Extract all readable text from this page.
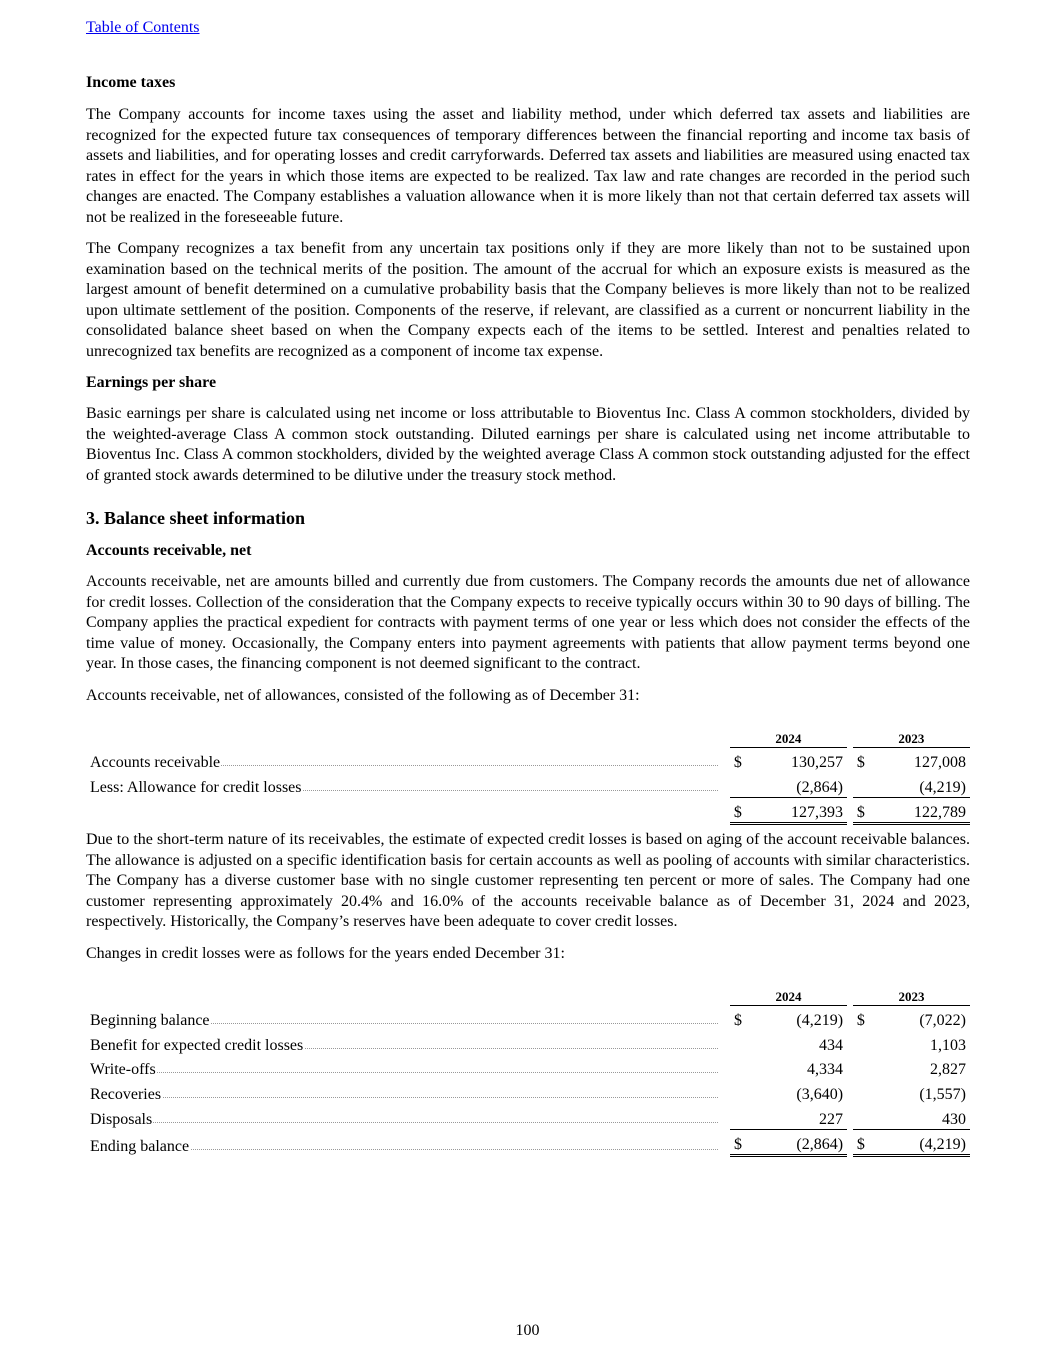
Table of Contents
Income taxes
The Company accounts for income taxes using the asset and liability method, under which deferred tax assets and liabilities are recognized for the expected future tax consequences of temporary differences between the financial reporting and income tax basis of assets and liabilities, and for operating losses and credit carryforwards. Deferred tax assets and liabilities are measured using enacted tax rates in effect for the years in which those items are expected to be realized. Tax law and rate changes are recorded in the period such changes are enacted. The Company establishes a valuation allowance when it is more likely than not that certain deferred tax assets will not be realized in the foreseeable future.
The Company recognizes a tax benefit from any uncertain tax positions only if they are more likely than not to be sustained upon examination based on the technical merits of the position. The amount of the accrual for which an exposure exists is measured as the largest amount of benefit determined on a cumulative probability basis that the Company believes is more likely than not to be realized upon ultimate settlement of the position. Components of the reserve, if relevant, are classified as a current or noncurrent liability in the consolidated balance sheet based on when the Company expects each of the items to be settled. Interest and penalties related to unrecognized tax benefits are recognized as a component of income tax expense.
Earnings per share
Basic earnings per share is calculated using net income or loss attributable to Bioventus Inc. Class A common stockholders, divided by the weighted-average Class A common stock outstanding. Diluted earnings per share is calculated using net income attributable to Bioventus Inc. Class A common stockholders, divided by the weighted average Class A common stock outstanding adjusted for the effect of granted stock awards determined to be dilutive under the treasury stock method.
3. Balance sheet information
Accounts receivable, net
Accounts receivable, net are amounts billed and currently due from customers. The Company records the amounts due net of allowance for credit losses. Collection of the consideration that the Company expects to receive typically occurs within 30 to 90 days of billing. The Company applies the practical expedient for contracts with payment terms of one year or less which does not consider the effects of the time value of money. Occasionally, the Company enters into payment agreements with patients that allow payment terms beyond one year. In those cases, the financing component is not deemed significant to the contract.
Accounts receivable, net of allowances, consisted of the following as of December 31:
		2024			2023	

Accounts receivable		$	130,257		$	127,008

Less: Allowance for credit losses			(2,864)			(4,219)
		$	127,393		$	122,789
Due to the short-term nature of its receivables, the estimate of expected credit losses is based on aging of the account receivable balances. The allowance is adjusted on a specific identification basis for certain accounts as well as pooling of accounts with similar characteristics. The Company has a diverse customer base with no single customer representing ten percent or more of sales. The Company had one customer representing approximately 20.4% and 16.0% of the accounts receivable balance as of December 31, 2024 and 2023, respectively. Historically, the Company’s reserves have been adequate to cover credit losses.
Changes in credit losses were as follows for the years ended December 31:
		2024			2023	

Beginning balance		$	(4,219)		$	(7,022)

Benefit for expected credit losses			434			1,103

Write-offs			4,334			2,827

Recoveries			(3,640)			(1,557)

Disposals			227			430

Ending balance		$	(2,864)		$	(4,219)
100
